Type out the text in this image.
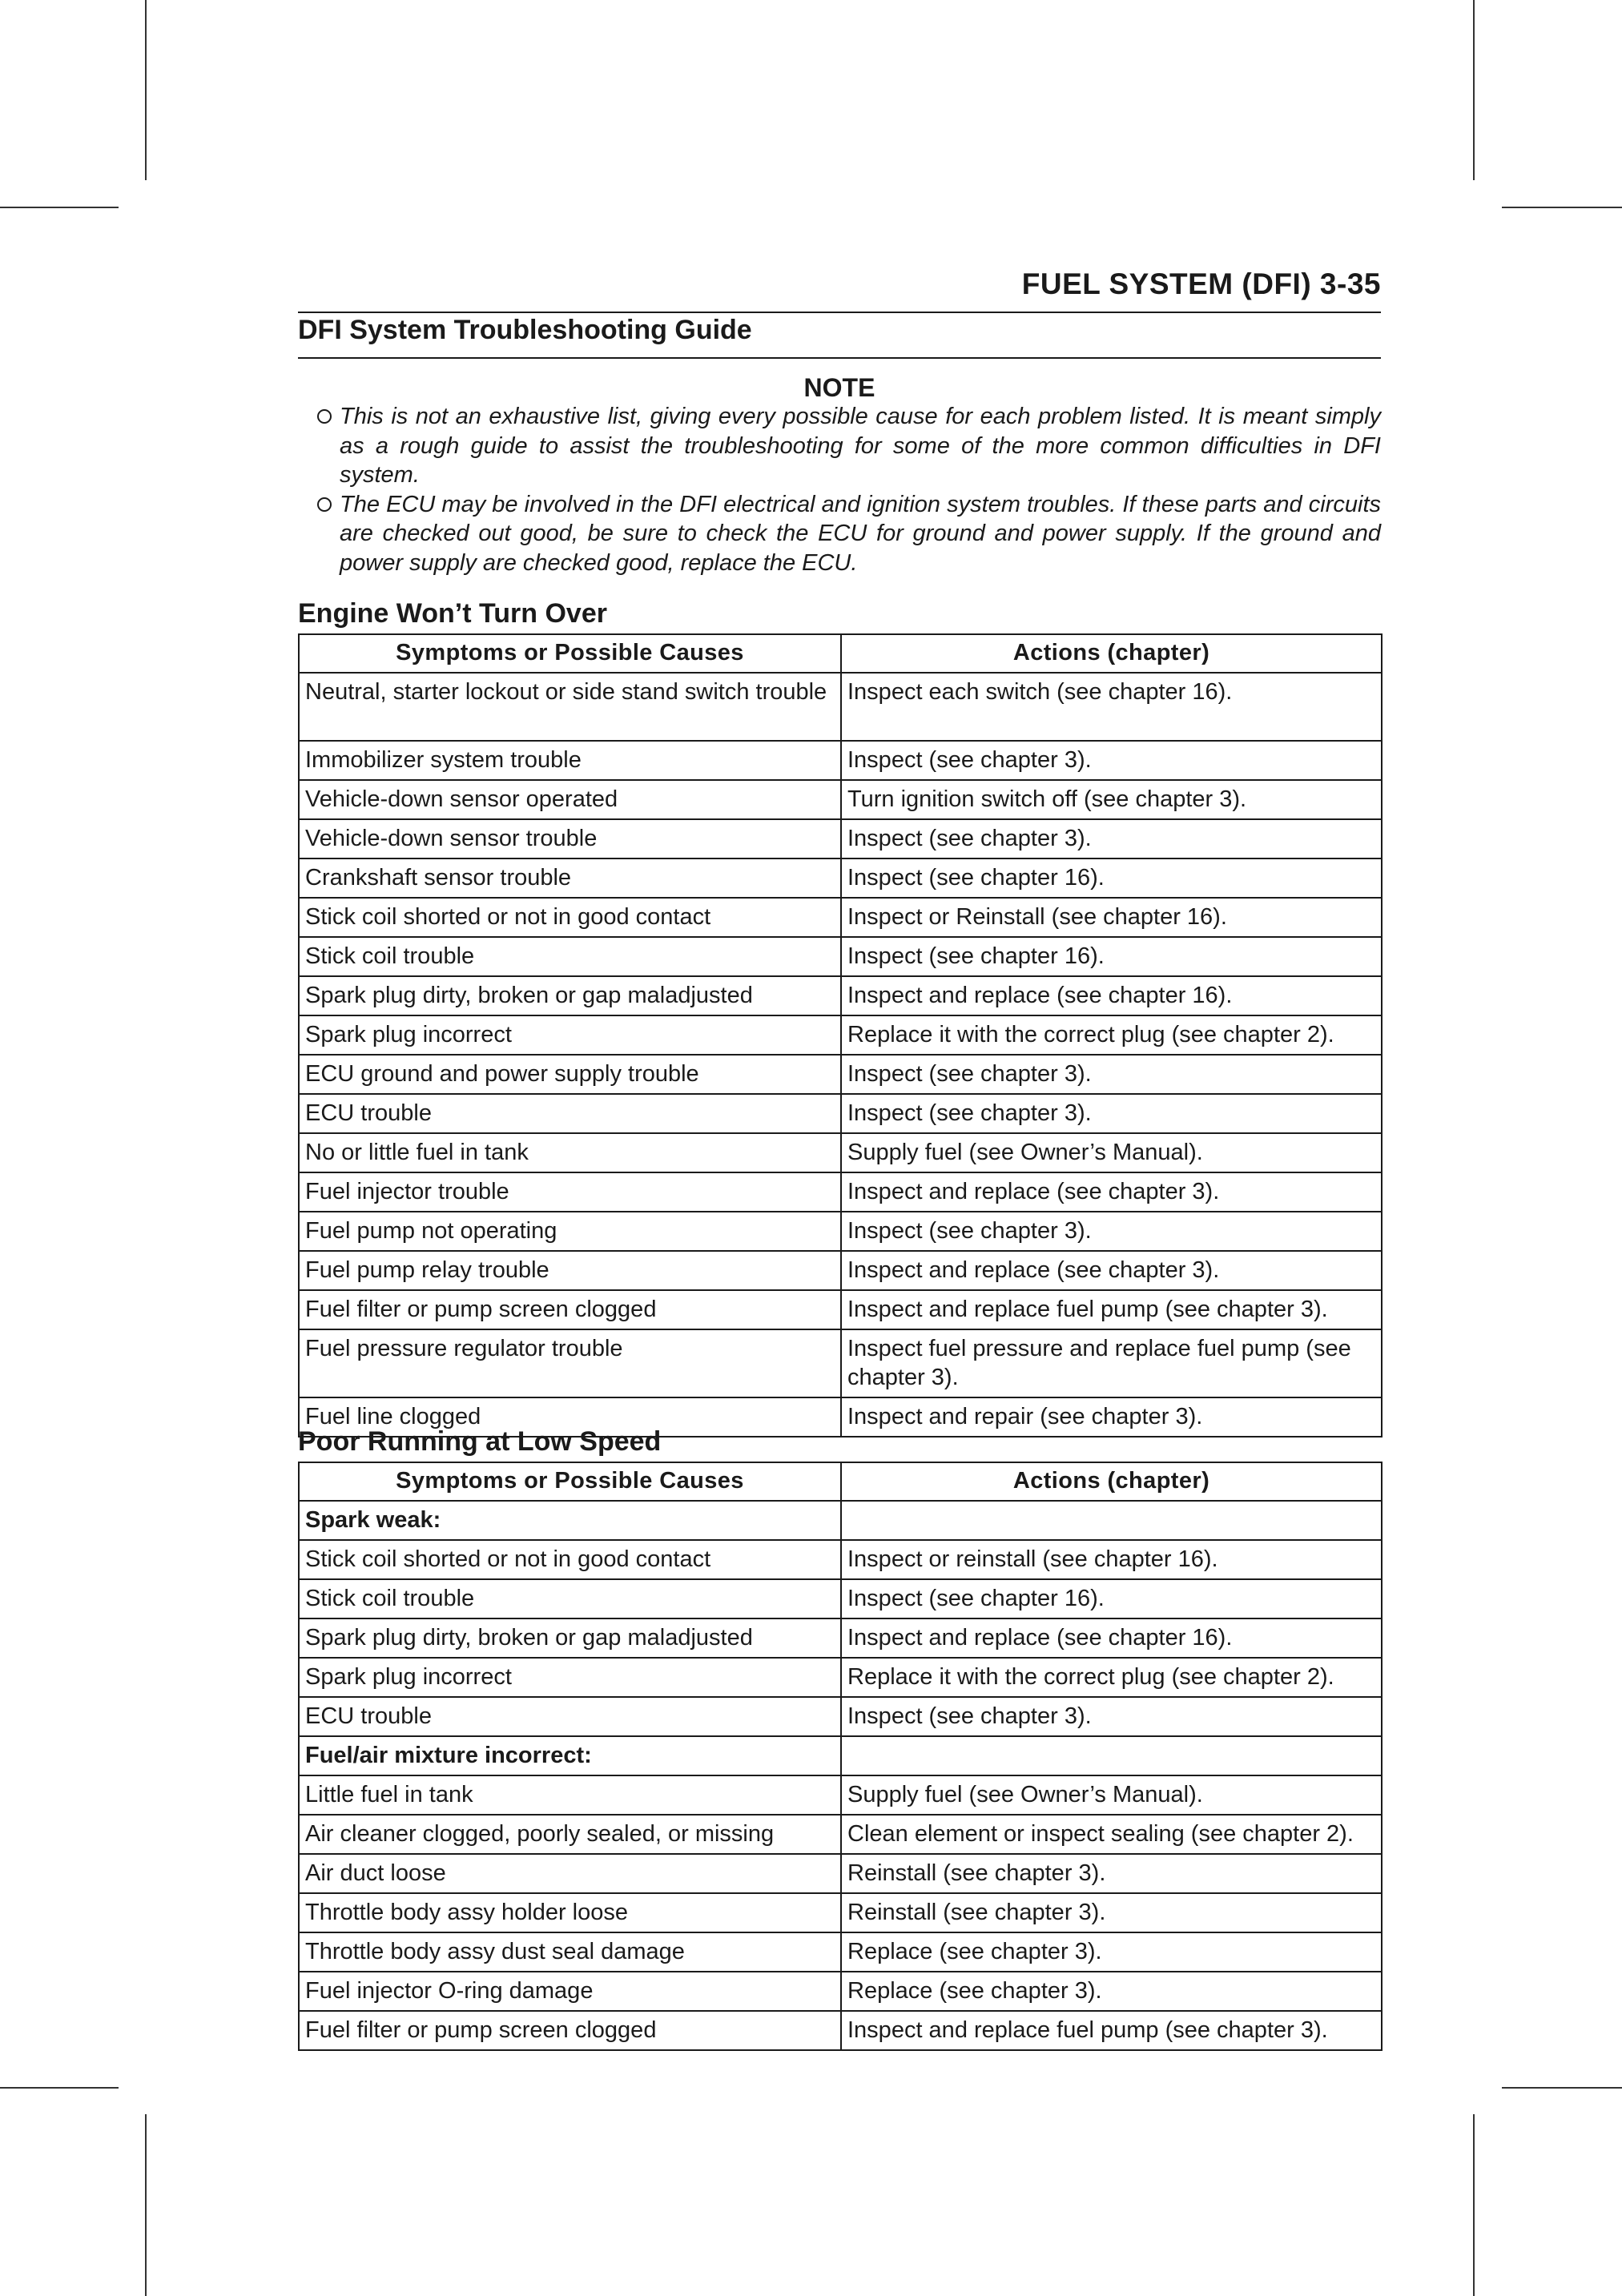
FUEL SYSTEM (DFI) 3-35
DFI System Troubleshooting Guide
NOTE
This is not an exhaustive list, giving every possible cause for each problem listed. It is meant simply as a rough guide to assist the troubleshooting for some of the more common difficulties in DFI system.
The ECU may be involved in the DFI electrical and ignition system troubles. If these parts and circuits are checked out good, be sure to check the ECU for ground and power supply. If the ground and power supply are checked good, replace the ECU.
Engine Won’t Turn Over
Symptoms or Possible Causes	Actions (chapter)
Neutral, starter lockout or side stand switch trouble	Inspect each switch (see chapter 16).
Immobilizer system trouble	Inspect (see chapter 3).
Vehicle-down sensor operated	Turn ignition switch off (see chapter 3).
Vehicle-down sensor trouble	Inspect (see chapter 3).
Crankshaft sensor trouble	Inspect (see chapter 16).
Stick coil shorted or not in good contact	Inspect or Reinstall (see chapter 16).
Stick coil trouble	Inspect (see chapter 16).
Spark plug dirty, broken or gap maladjusted	Inspect and replace (see chapter 16).
Spark plug incorrect	Replace it with the correct plug (see chapter 2).
ECU ground and power supply trouble	Inspect (see chapter 3).
ECU trouble	Inspect (see chapter 3).
No or little fuel in tank	Supply fuel (see Owner’s Manual).
Fuel injector trouble	Inspect and replace (see chapter 3).
Fuel pump not operating	Inspect (see chapter 3).
Fuel pump relay trouble	Inspect and replace (see chapter 3).
Fuel filter or pump screen clogged	Inspect and replace fuel pump (see chapter 3).
Fuel pressure regulator trouble	Inspect fuel pressure and replace fuel pump (see chapter 3).
Fuel line clogged	Inspect and repair (see chapter 3).
Poor Running at Low Speed
Symptoms or Possible Causes	Actions (chapter)
Spark weak:	
Stick coil shorted or not in good contact	Inspect or reinstall (see chapter 16).
Stick coil trouble	Inspect (see chapter 16).
Spark plug dirty, broken or gap maladjusted	Inspect and replace (see chapter 16).
Spark plug incorrect	Replace it with the correct plug (see chapter 2).
ECU trouble	Inspect (see chapter 3).
Fuel/air mixture incorrect:	
Little fuel in tank	Supply fuel (see Owner’s Manual).
Air cleaner clogged, poorly sealed, or missing	Clean element or inspect sealing (see chapter 2).
Air duct loose	Reinstall (see chapter 3).
Throttle body assy holder loose	Reinstall (see chapter 3).
Throttle body assy dust seal damage	Replace (see chapter 3).
Fuel injector O-ring damage	Replace (see chapter 3).
Fuel filter or pump screen clogged	Inspect and replace fuel pump (see chapter 3).
